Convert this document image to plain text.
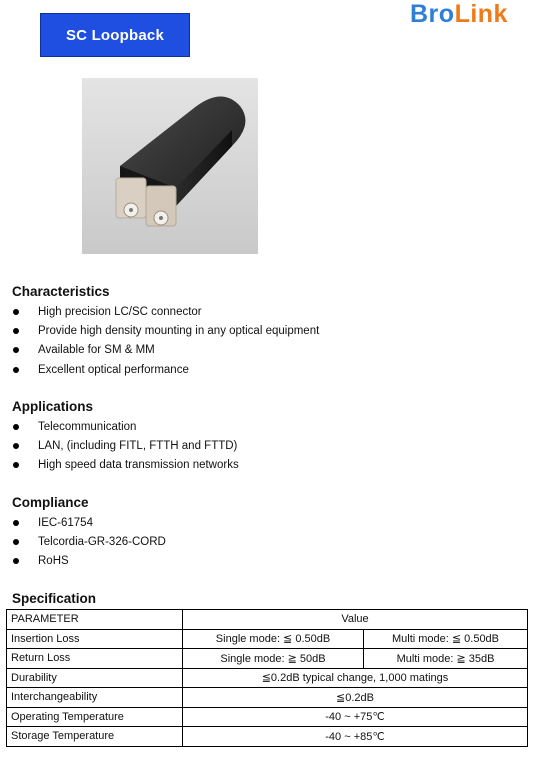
SC Loopback
BroLink
Characteristics
High precision LC/SC connector
Provide high density mounting in any optical equipment
Available for SM & MM
Excellent optical performance
Applications
Telecommunication
LAN, (including FITL, FTTH and FTTD)
High speed data transmission networks
Compliance
IEC-61754
Telcordia-GR-326-CORD
RoHS
Specification
PARAMETER	Value	
Insertion Loss	Single mode: ≦ 0.50dB	Multi mode: ≦ 0.50dB
Return Loss	Single mode: ≧ 50dB	Multi mode: ≧ 35dB
Durability	≦0.2dB typical change, 1,000 matings	
Interchangeability	≦0.2dB	
Operating Temperature	-40 ~ +75℃	
Storage Temperature	-40 ~ +85℃	
